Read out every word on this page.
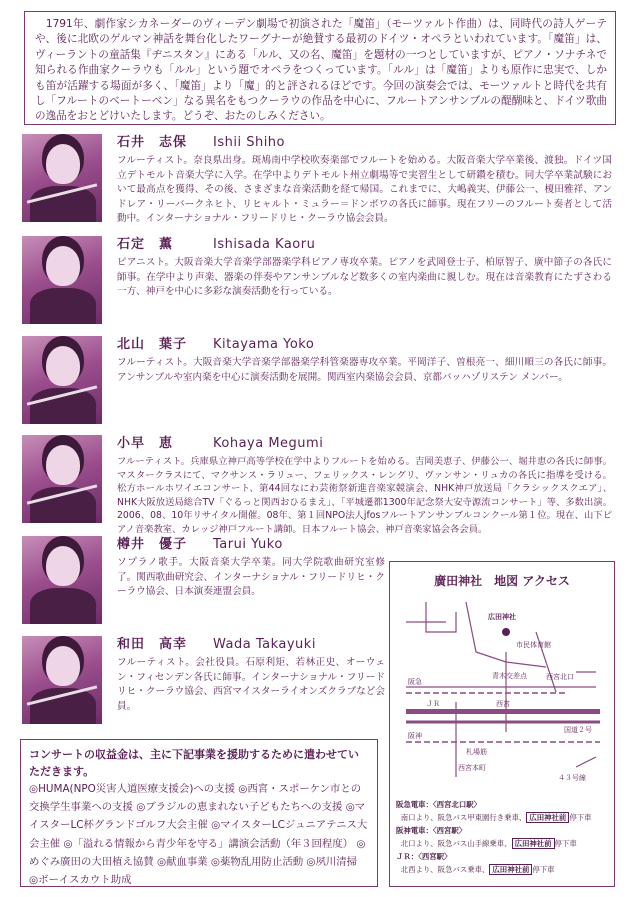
　1791年、劇作家シカネーダーのヴィーデン劇場で初演された「魔笛」（モーツァルト作曲）は、同時代の詩人ゲーテや、後に北欧のゲルマン神話を舞台化したワーグナーが絶賛する最初のドイツ・オペラといわれています。「魔笛」は、ヴィーラントの童話集『ヂニスタン』にある「ルル、又の名、魔笛」を題材の一つとしていますが、ピアノ・ソナチネで知られる作曲家クーラウも「ルル」という題でオペラをつくっています。「ルル」は「魔笛」よりも原作に忠実で、しかも笛が活躍する場面が多く、「魔笛」より「魔」的と評されるほどです。今回の演奏会では、モーツァルトと時代を共有し「フルートのベートーベン」なる異名をもつクーラウの作品を中心に、フルートアンサンブルの醍醐味と、ドイツ歌曲の逸品をおとどけいたします。どうぞ、おたのしみください。

石井　志保 Ishii Shiho
フルーティスト。奈良県出身。斑鳩南中学校吹奏楽部でフルートを始める。大阪音楽大学卒業後、渡独。ドイツ国立デトモルト音楽大学に入学。在学中よりデトモルト州立劇場等で実習生として研鑽を積む。同大学卒業試験において最高点を獲得、その後、さまざまな音楽活動を経て帰国。これまでに、大嶋義実、伊藤公一、榎田雅祥、アンドレア・リーバークネヒト、リヒャルト・ミュラー＝ドンボワの各氏に師事。現在フリーのフルート奏者として活動中。インターナショナル・フリードリヒ・クーラウ協会会員。
石定　薫	Ishisada Kaoru
ピアニスト。大阪音楽大学音楽学部器楽学科ピアノ専攻卒業。ピアノを武岡登士子、柏原智子、廣中節子の各氏に師事。在学中より声楽、器楽の伴奏やアンサンブルなど数多くの室内楽曲に親しむ。現在は音楽教育にたずさわる一方、神戸を中心に多彩な演奏活動を行っている。
北山　葉子 Kitayama Yoko
フルーティスト。大阪音楽大学音楽学部器楽学科管楽器専攻卒業。平岡洋子、曽根亮一、細川順三の各氏に師事。アンサンブルや室内楽を中心に演奏活動を展開。関西室内楽協会会員、京都バッハゾリステン メンバー。
小早　恵	Kohaya Megumi
フルーティスト。兵庫県立神戸高等学校在学中よりフルートを始める。吉岡美恵子、伊藤公一、堀井恵の各氏に師事。マスタークラスにて、マクサンス・ラリュー、フェリックス・レングリ、ヴァンサン・リュカの各氏に指導を受ける。松方ホールホワイエコンサート、第44回なにわ芸術祭新進音楽家競演会、NHK神戸放送局「クラシックスクエア」、NHK大阪放送局総合TV「ぐるっと関西おひるまえ」、「平城遷都1300年記念祭大安寺源流コンサート」等、多数出演。2006、08、10年リサイタル開催。08年、第１回NPO法人jfosフルートアンサンブルコンクール第１位。現在、山下ピアノ音楽教室、カレッジ神戸フルート講師。日本フルート協会、神戸音楽家協会各会員。
樽井　優子 Tarui Yuko
ソプラノ歌手。大阪音楽大学卒業。同大学院歌曲研究室修了。関西歌曲研究会、インターナショナル・フリードリヒ・クーラウ協会、日本演奏連盟会員。
和田　高幸 Wada Takayuki
フルーティスト。会社役員。石原利矩、若林正史、オーウェン・フィセンデン各氏に師事。インターナショナル・フリードリヒ・クーラウ協会、西宮マイスターライオンズクラブなど会員。
コンサートの収益金は、主に下記事業を援助するために遣わせていただきます。
◎HUMA(NPO災害人道医療支援会)への支援 ◎西宮・スポーケン市との交換学生事業への支援 ◎ブラジルの恵まれない子どもたちへの支援 ◎マイスターLC杯グランドゴルフ大会主催 ◎マイスターLCジュニアテニス大会主催 ◎「溢れる情報から青少年を守る」講演会活動（年３回程度） ◎めぐみ廣田の大田植え協賛 ◎献血事業 ◎薬物乱用防止活動 ◎夙川清掃 ◎ボーイスカウト助成
廣田神社　地図 アクセス
広田神社
市民体育館
青木交差点
阪急
ＪＲ	西宮
西宮北口
国道２号
阪神
札場筋
西宮本町
４３号線
阪急電車：〈西宮北口駅〉
南口より、阪急バス甲東園行き乗車、 広田神社前 停下車
阪神電車：〈西宮駅〉
北口より、阪急バス山手線乗車、 広田神社前 停下車
ＪＲ：〈西宮駅〉
北西より、阪急バス乗車、 広田神社前 停下車
